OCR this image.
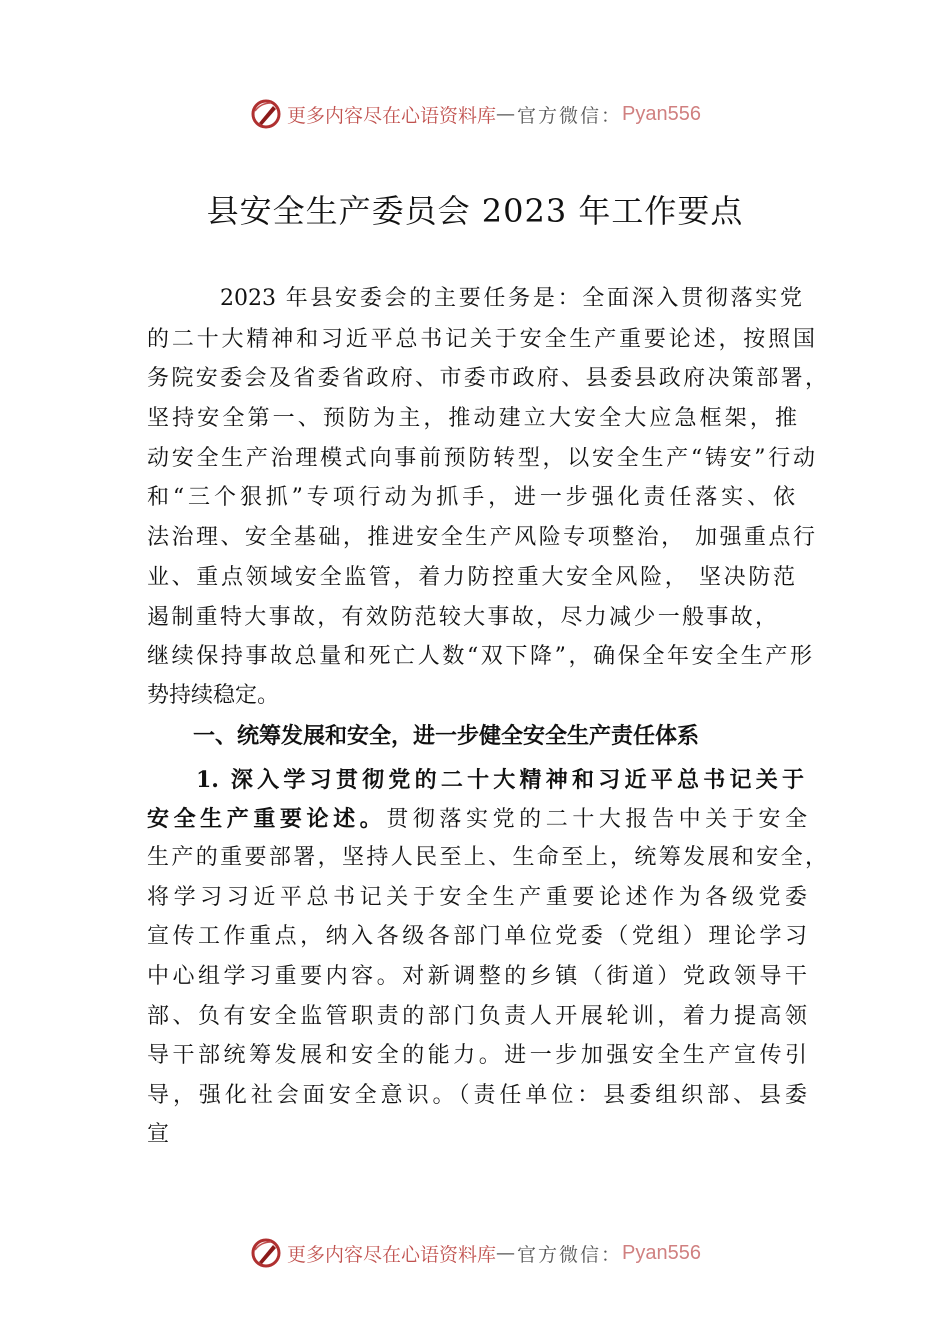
更多内容尽在心语资料库 — 官方微信： Pyan556
县安全生产委员会 2023 年工作要点
2023 年县安委会的主要任务是：全面深入贯彻落实党
的二十大精神和习近平总书记关于安全生产重要论述，按照国
务院安委会及省委省政府、市委市政府、县委县政府决策部署，
坚持安全第一、预防为主，推动建立大安全大应急框架，推
动安全生产治理模式向事前预防转型，以安全生产“铸安”行动
和“三个狠抓”专项行动为抓手，进一步强化责任落实、依
法治理、安全基础，推进安全生产风险专项整治， 加强重点行
业、重点领域安全监管，着力防控重大安全风险， 坚决防范
遏制重特大事故，有效防范较大事故，尽力减少一般事故，
继续保持事故总量和死亡人数“双下降”，确保全年安全生产形
势持续稳定。
一、统筹发展和安全，进一步健全安全生产责任体系
1. 深入学习贯彻党的二十大精神和习近平总书记关于
安全生产重要论述。贯彻落实党的二十大报告中关于安全
生产的重要部署，坚持人民至上、生命至上，统筹发展和安全，
将学习习近平总书记关于安全生产重要论述作为各级党委
宣传工作重点，纳入各级各部门单位党委（党组）理论学习
中心组学习重要内容。对新调整的乡镇（街道）党政领导干
部、负有安全监管职责的部门负责人开展轮训，着力提高领
导干部统筹发展和安全的能力。进一步加强安全生产宣传引
导，强化社会面安全意识。（责任单位：县委组织部、县委
宣
更多内容尽在心语资料库 — 官方微信： Pyan556
